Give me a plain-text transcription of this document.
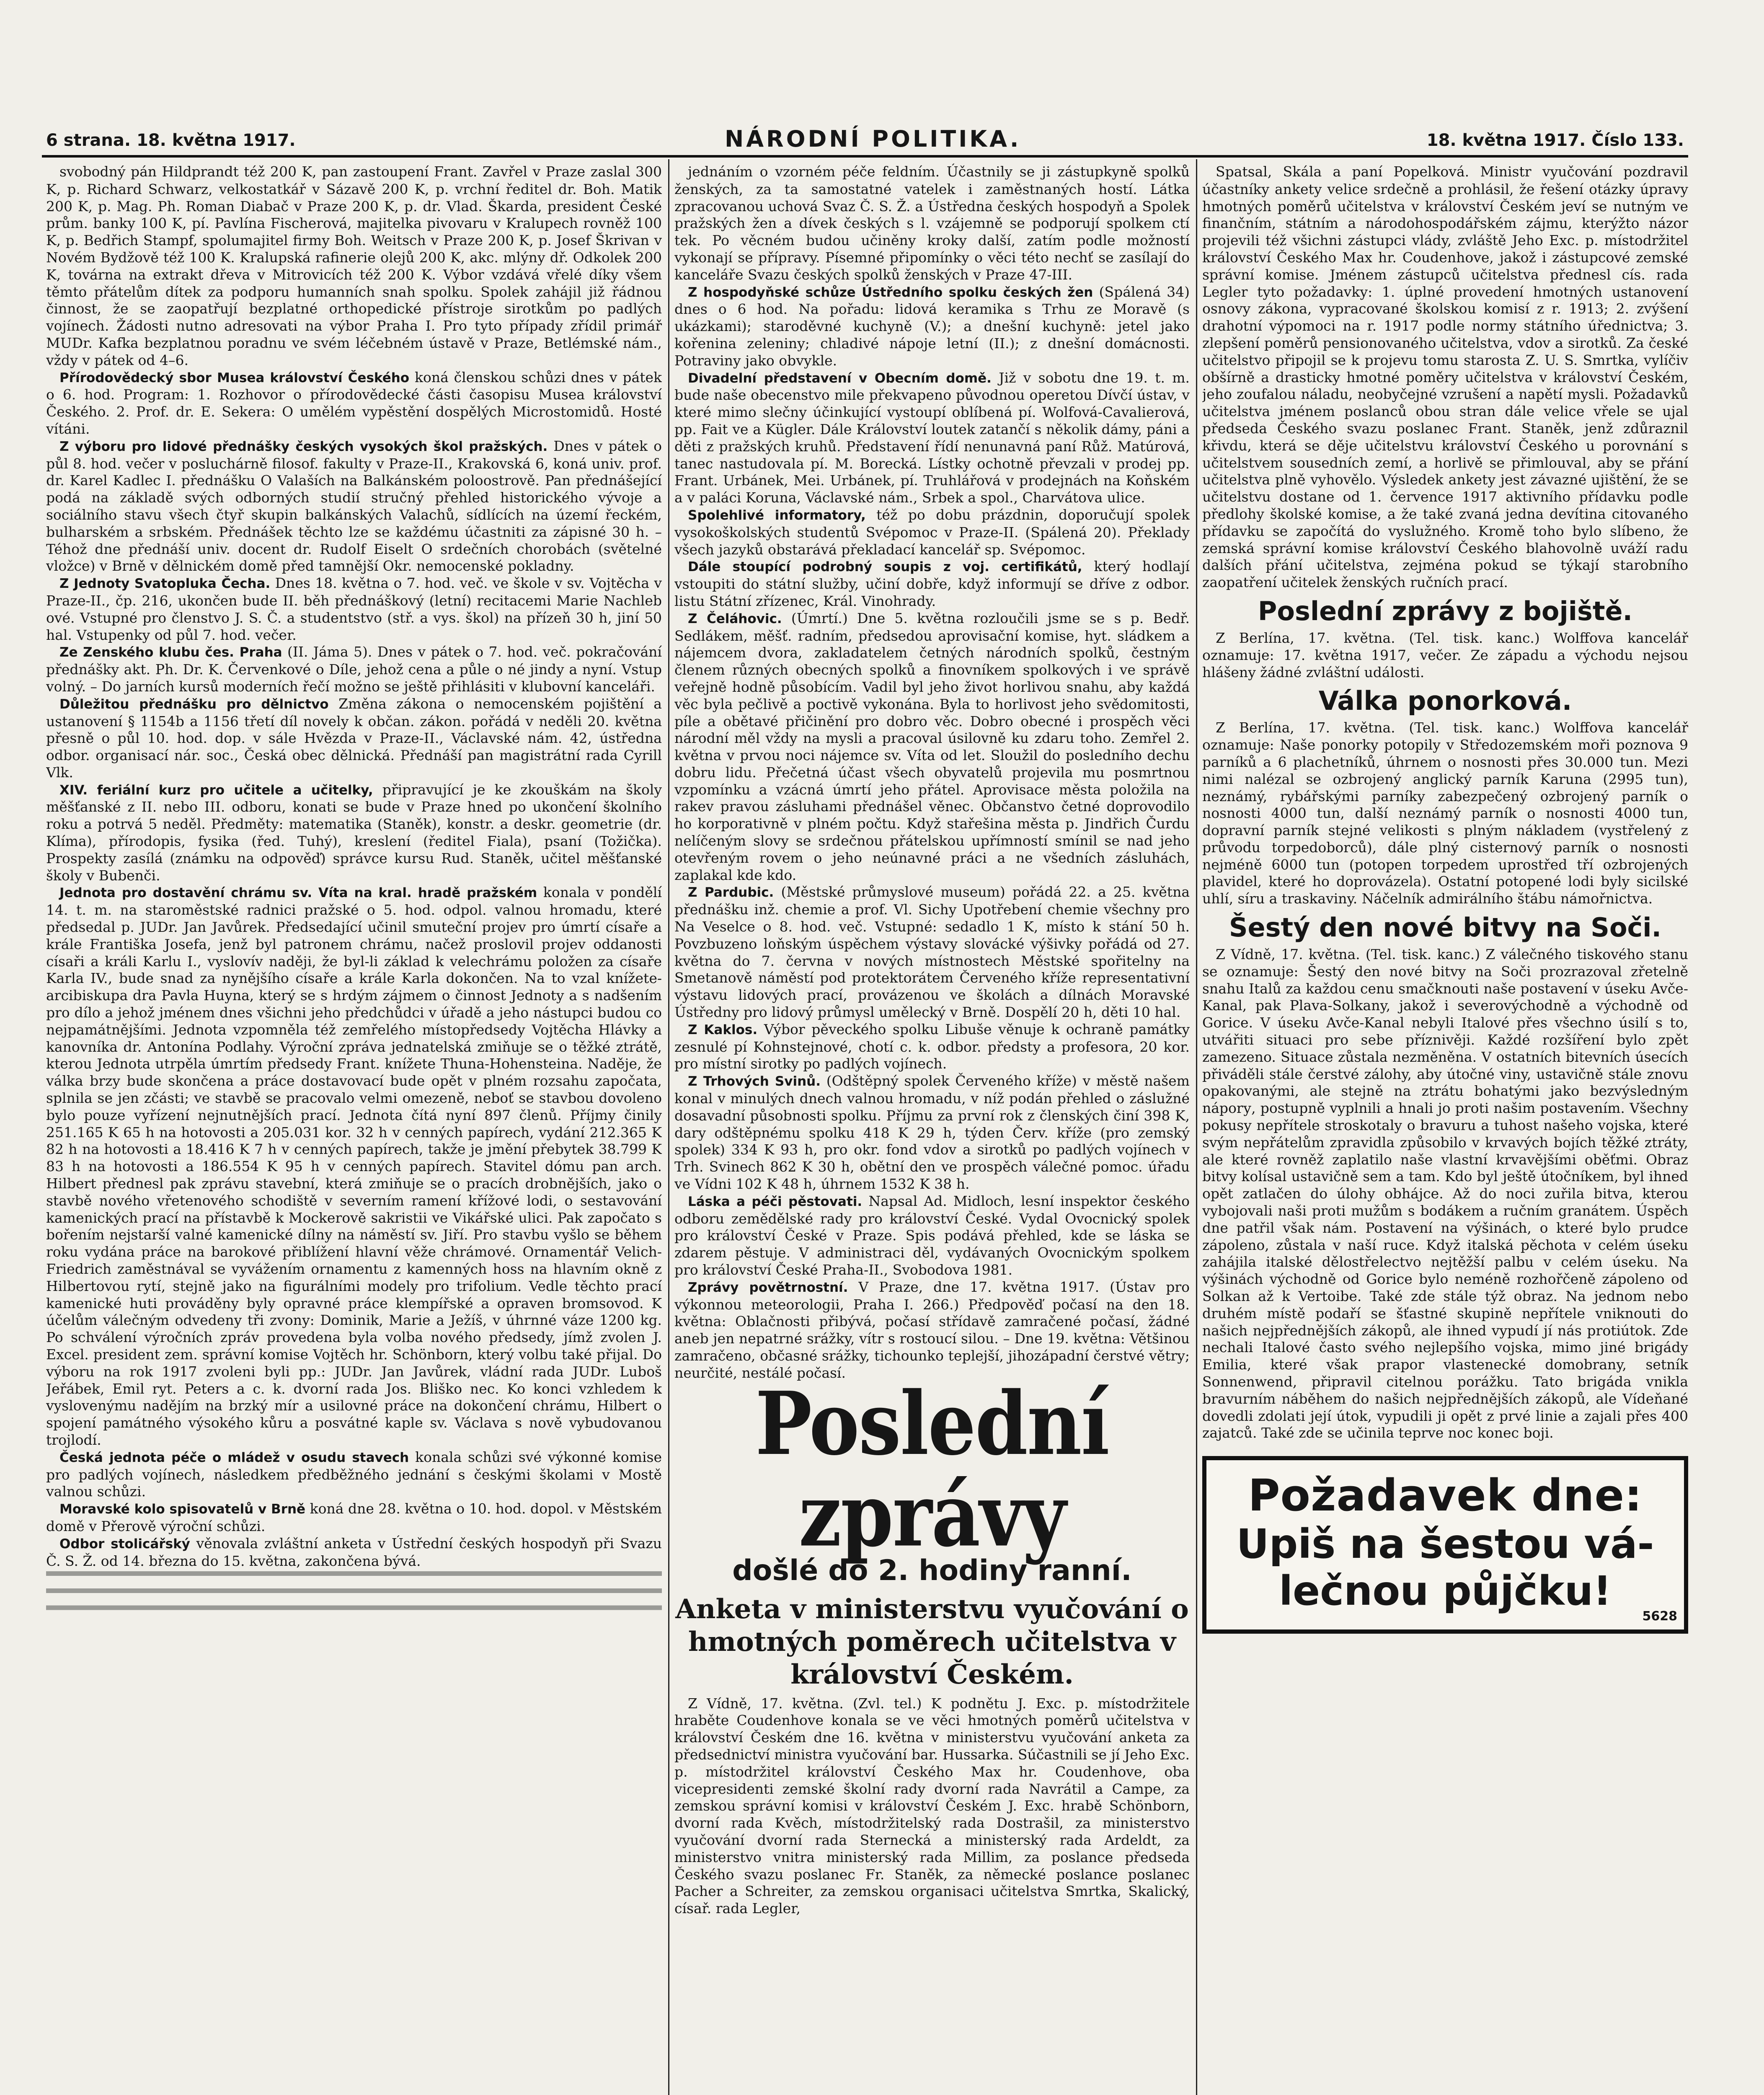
6 strana. 18. května 1917.	NÁRODNÍ POLITIKA.	18. května 1917. Číslo 133.

svobodný pán Hildprandt též 200 K, pan zastoupení Frant. Zavřel v Praze zaslal 300 K, p. Richard Schwarz, velkostatkář v Sázavě 200 K, p. vrchní ředitel dr. Boh. Matik 200 K, p. Mag. Ph. Roman Diabač v Praze 200 K, p. dr. Vlad. Škarda, president České prům. banky 100 K, pí. Pavlína Fischerová, majitelka pivovaru v Kralupech rovněž 100 K, p. Bedřich Stampf, spolumajitel firmy Boh. Weitsch v Praze 200 K, p. Josef Škrivan v Novém Bydžově též 100 K. Kralupská rafinerie olejů 200 K, akc. mlýny dř. Odkolek 200 K, továrna na extrakt dřeva v Mitrovicích též 200 K. Výbor vzdává vřelé díky všem těmto přátelům dítek za podporu humanních snah spolku. Spolek zahájil již řádnou činnost, že se zaopatřují bezplatné orthopedické přístroje sirotkům po padlých vojínech. Žádosti nutno adresovati na výbor Praha I. Pro tyto případy zřídil primář MUDr. Kafka bezplatnou poradnu ve svém léčebném ústavě v Praze, Betlémské nám., vždy v pátek od 4–6.

Přírodovědecký sbor Musea království Českého koná členskou schůzi dnes v pátek o 6. hod. Program: 1. Rozhovor o přírodovědecké části časopisu Musea království Českého. 2. Prof. dr. E. Sekera: O umělém vypěstění dospělých Microstomidů. Hosté vítáni.

Z výboru pro lidové přednášky českých vysokých škol pražských. Dnes v pátek o půl 8. hod. večer v posluchárně filosof. fakulty v Praze-II., Krakovská 6, koná univ. prof. dr. Karel Kadlec I. přednášku O Valaších na Balkánském poloostrově. Pan přednášející podá na základě svých odborných studií stručný přehled historického vývoje a sociálního stavu všech čtyř skupin balkánských Valachů, sídlících na území řeckém, bulharském a srbském. Přednášek těchto lze se každému účastniti za zápisné 30 h. – Téhož dne přednáší univ. docent dr. Rudolf Eiselt O srdečních chorobách (světelné vložce) v Brně v dělnickém domě před tamnější Okr. nemocenské pokladny.

Z Jednoty Svatopluka Čecha. Dnes 18. května o 7. hod. več. ve škole v sv. Vojtěcha v Praze-II., čp. 216, ukončen bude II. běh přednáškový (letní) recitacemi Marie Nachleb ové. Vstupné pro členstvo J. S. Č. a studentstvo (stř. a vys. škol) na přízeň 30 h, jiní 50 hal. Vstupenky od půl 7. hod. večer.

Ze Zenského klubu čes. Praha (II. Jáma 5). Dnes v pátek o 7. hod. več. pokračování přednášky akt. Ph. Dr. K. Červenkové o Díle, jehož cena a půle o né jindy a nyní. Vstup volný. – Do jarních kursů moderních řečí možno se ještě přihlásiti v klubovní kanceláři.

Důležitou přednášku pro dělnictvo Změna zákona o nemocenském pojištění a ustanovení § 1154b a 1156 třetí díl novely k občan. zákon. pořádá v neděli 20. května přesně o půl 10. hod. dop. v sále Hvězda v Praze-II., Václavské nám. 42, ústředna odbor. organisací nár. soc., Česká obec dělnická. Přednáší pan magistrátní rada Cyrill Vlk.

XIV. feriální kurz pro učitele a učitelky, připravující je ke zkouškám na školy měšťanské z II. nebo III. odboru, konati se bude v Praze hned po ukončení školního roku a potrvá 5 neděl. Předměty: matematika (Staněk), konstr. a deskr. geometrie (dr. Klíma), přírodopis, fysika (řed. Tuhý), kreslení (ředitel Fiala), psaní (Tožička). Prospekty zasílá (známku na odpověď) správce kursu Rud. Staněk, učitel měšťanské školy v Bubenči.

Jednota pro dostavění chrámu sv. Víta na kral. hradě pražském konala v pondělí 14. t. m. na staroměstské radnici pražské o 5. hod. odpol. valnou hromadu, které předsedal p. JUDr. Jan Javůrek. Předsedající učinil smuteční projev pro úmrtí císaře a krále Františka Josefa, jenž byl patronem chrámu, načež proslovil projev oddanosti císaři a králi Karlu I., vyslovív naději, že byl-li základ k velechrámu položen za císaře Karla IV., bude snad za nynějšího císaře a krále Karla dokončen. Na to vzal knížete-arcibiskupa dra Pavla Huyna, který se s hrdým zájmem o činnost Jednoty a s nadšením pro dílo a jehož jménem dnes všichni jeho předchůdci v úřadě a jeho nástupci budou co nejpamátnějšími. Jednota vzpomněla též zemřelého místopředsedy Vojtěcha Hlávky a kanovníka dr. Antonína Podlahy. Výroční zpráva jednatelská zmiňuje se o těžké ztrátě, kterou Jednota utrpěla úmrtím předsedy Frant. knížete Thuna-Hohensteina. Naděje, že válka brzy bude skončena a práce dostavovací bude opět v plném rozsahu započata, splnila se jen zčásti; ve stavbě se pracovalo velmi omezeně, neboť se stavbou dovoleno bylo pouze vyřízení nejnutnějších prací. Jednota čítá nyní 897 členů. Příjmy činily 251.165 K 65 h na hotovosti a 205.031 kor. 32 h v cenných papírech, vydání 212.365 K 82 h na hotovosti a 18.416 K 7 h v cenných papírech, takže je jmění přebytek 38.799 K 83 h na hotovosti a 186.554 K 95 h v cenných papírech. Stavitel dómu pan arch. Hilbert přednesl pak zprávu stavební, která zmiňuje se o pracích drobnějších, jako o stavbě nového vřetenového schodiště v severním ramení křížové lodi, o sestavování kamenických prací na přístavbě k Mockerově sakristii ve Vikářské ulici. Pak započato s bořením nejstarší valné kamenické dílny na náměstí sv. Jiří. Pro stavbu vyšlo se během roku vydána práce na barokové přiblížení hlavní věže chrámové. Ornamentář Velich-Friedrich zaměstnával se vyvážením ornamentu z kamenných hoss na hlavním okně z Hilbertovou rytí, stejně jako na figurálními modely pro trifolium. Vedle těchto prací kamenické huti prováděny byly opravné práce klempířské a opraven bromsovod. K účelům válečným odvedeny tři zvony: Dominik, Marie a Ježíš, v úhrnné váze 1200 kg. Po schválení výročních zpráv provedena byla volba nového předsedy, jímž zvolen J. Excel. president zem. správní komise Vojtěch hr. Schönborn, který volbu také přijal. Do výboru na rok 1917 zvoleni byli pp.: JUDr. Jan Javůrek, vládní rada JUDr. Luboš Jeřábek, Emil ryt. Peters a c. k. dvorní rada Jos. Bliško nec. Ko konci vzhledem k vyslovenýmu nadějím na brzký mír a usilovné práce na dokončení chrámu, Hilbert o spojení památného výsokého kůru a posvátné kaple sv. Václava s nově vybudovanou trojlodí.

Česká jednota péče o mládež v osudu stavech konala schůzi své výkonné komise pro padlých vojínech, následkem předběžného jednání s českými školami v Mostě valnou schůzi.

Moravské kolo spisovatelů v Brně koná dne 28. května o 10. hod. dopol. v Městském domě v Přerově výroční schůzi.

Odbor stolicářský věnovala zvláštní anketa v Ústřední českých hospodyň při Svazu Č. S. Ž. od 14. března do 15. května, zakončena bývá.

jednáním o vzorném péče feldním. Účastnily se ji zástupkyně spolků ženských, za ta samostatné vatelek i zaměstnaných hostí. Látka zpracovanou uchová Svaz Č. S. Ž. a Ústředna českých hospodyň a Spolek pražských žen a dívek českých s l. vzájemně se podporují spolkem ctí tek. Po věcném budou učiněny kroky další, zatím podle možností vykonají se přípravy. Písemné připomínky o věci této nechť se zasílají do kanceláře Svazu českých spolků ženských v Praze 47-III.

Z hospodyňské schůze Ústředního spolku českých žen (Spálená 34) dnes o 6 hod. Na pořadu: lidová keramika s Trhu ze Moravě (s ukázkami); staroděvné kuchyně (V.); a dnešní kuchyně: jetel jako kořenina zeleniny; chladivé nápoje letní (II.); z dnešní domácnosti. Potraviny jako obvykle.

Divadelní představení v Obecním domě. Již v sobotu dne 19. t. m. bude naše obecenstvo mile překvapeno původnou operetou Dívčí ústav, v které mimo slečny účinkující vystoupí oblíbená pí. Wolfová-Cavalierová, pp. Fait ve a Kügler. Dále Království loutek zatančí s několik dámy, páni a děti z pražských kruhů. Představení řídí nenunavná paní Růž. Matúrová, tanec nastudovala pí. M. Borecká. Lístky ochotně převzali v prodej pp. Frant. Urbánek, Mei. Urbánek, pí. Truhlářová v prodejnách na Koňském a v paláci Koruna, Václavské nám., Srbek a spol., Charvátova ulice.

Spolehlivé informatory, též po dobu prázdnin, doporučují spolek vysokoškolských studentů Svépomoc v Praze-II. (Spálená 20). Překlady všech jazyků obstarává překladací kancelář sp. Svépomoc.

Dále stoupící podrobný soupis z voj. certifikátů, který hodlají vstoupiti do státní služby, učiní dobře, když informují se dříve z odbor. listu Státní zřízenec, Král. Vinohrady.

Z Čeláhovic. (Úmrtí.) Dne 5. května rozloučili jsme se s p. Bedř. Sedlákem, měšť. radním, předsedou aprovisační komise, hyt. sládkem a nájemcem dvora, zakladatelem četných národních spolků, čestným členem různých obecných spolků a finovníkem spolkových i ve správě veřejně hodně působícím. Vadil byl jeho život horlivou snahu, aby každá věc byla pečlivě a poctivě vykonána. Byla to horlivost jeho svědomitosti, píle a obětavé přičinění pro dobro věc. Dobro obecné i prospěch věci národní měl vždy na mysli a pracoval úsilovně ku zdaru toho. Zemřel 2. května v prvou noci nájemce sv. Víta od let. Sloužil do posledního dechu dobru lidu. Přečetná účast všech obyvatelů projevila mu posmrtnou vzpomínku a vzácná úmrtí jeho přátel. Aprovisace města položila na rakev pravou zásluhami přednášel věnec. Občanstvo četné doprovodilo ho korporativně v plném počtu. Když stařešina města p. Jindřich Čurdu nelíčeným slovy se srdečnou přátelskou upřímností smínil se nad jeho otevřeným rovem o jeho neúnavné práci a ne všedních zásluhách, zaplakal kde kdo.

Z Pardubic. (Městské průmyslové museum) pořádá 22. a 25. května přednášku inž. chemie a prof. Vl. Sichy Upotřebení chemie všechny pro Na Veselce o 8. hod. več. Vstupné: sedadlo 1 K, místo k stání 50 h. Povzbuzeno loňským úspěchem výstavy slovácké výšivky pořádá od 27. května do 7. června v nových místnostech Městské spořitelny na Smetanově náměstí pod protektorátem Červeného kříže representativní výstavu lidových prací, provázenou ve školách a dílnách Moravské Ústředny pro lidový průmysl umělecký v Brně. Dospělí 20 h, děti 10 hal.

Z Kaklos. Výbor pěveckého spolku Libuše věnuje k ochraně památky zesnulé pí Kohnstejnové, chotí c. k. odbor. předsty a profesora, 20 kor. pro místní sirotky po padlých vojínech.

Z Trhových Svinů. (Odštěpný spolek Červeného kříže) v městě našem konal v minulých dnech valnou hromadu, v níž podán přehled o záslužné dosavadní působnosti spolku. Příjmu za první rok z členských činí 398 K, dary odštěpnému spolku 418 K 29 h, týden Červ. kříže (pro zemský spolek) 334 K 93 h, pro okr. fond vdov a sirotků po padlých vojínech v Trh. Svinech 862 K 30 h, obětní den ve prospěch válečné pomoc. úřadu ve Vídni 102 K 48 h, úhrnem 1532 K 38 h.

Láska a péči pěstovati. Napsal Ad. Midloch, lesní inspektor českého odboru zemědělské rady pro království České. Vydal Ovocnický spolek pro království České v Praze. Spis podává přehled, kde se láska se zdarem pěstuje. V administraci děl, vydávaných Ovocnickým spolkem pro království České Praha-II., Svobodova 1981.

Zprávy povětrnostní. V Praze, dne 17. května 1917. (Ústav pro výkonnou meteorologii, Praha I. 266.) Předpověď počasí na den 18. května: Oblačnosti přibývá, počasí střídavě zamračené počasí, žádné aneb jen nepatrné srážky, vítr s rostoucí silou. – Dne 19. května: Většinou zamračeno, občasné srážky, tichounko teplejší, jihozápadní čerstvé větry; neurčité, nestálé počasí.

Poslední zprávy
došlé do 2. hodiny ranní.
Anketa v ministerstvu vyučování o hmotných poměrech učitelstva v království Českém.

Z Vídně, 17. května. (Zvl. tel.) K podnětu J. Exc. p. místodržitele hraběte Coudenhove konala se ve věci hmotných poměrů učitelstva v království Českém dne 16. května v ministerstvu vyučování anketa za předsednictví ministra vyučování bar. Hussarka. Súčastnili se jí Jeho Exc. p. místodržitel království Českého Max hr. Coudenhove, oba vicepresidenti zemské školní rady dvorní rada Navrátil a Campe, za zemskou správní komisi v království Českém J. Exc. hrabě Schönborn, dvorní rada Kvěch, místodržitelský rada Dostrašil, za ministerstvo vyučování dvorní rada Sternecká a ministerský rada Ardeldt, za ministerstvo vnitra ministerský rada Millim, za poslance předseda Českého svazu poslanec Fr. Staněk, za německé poslance poslanec Pacher a Schreiter, za zemskou organisaci učitelstva Smrtka, Skalický, císař. rada Legler,

Spatsal, Skála a paní Popelková. Ministr vyučování pozdravil účastníky ankety velice srdečně a prohlásil, že řešení otázky úpravy hmotných poměrů učitelstva v království Českém jeví se nutným ve finančním, státním a národohospodářském zájmu, kterýžto názor projevili též všichni zástupci vlády, zvláště Jeho Exc. p. místodržitel království Českého Max hr. Coudenhove, jakož i zástupcové zemské správní komise. Jménem zástupců učitelstva přednesl cís. rada Legler tyto požadavky: 1. úplné provedení hmotných ustanovení osnovy zákona, vypracované školskou komisí z r. 1913; 2. zvýšení drahotní výpomoci na r. 1917 podle normy státního úřednictva; 3. zlepšení poměrů pensionovaného učitelstva, vdov a sirotků. Za české učitelstvo připojil se k projevu tomu starosta Z. U. S. Smrtka, vylíčiv obšírně a drasticky hmotné poměry učitelstva v království Českém, jeho zoufalou náladu, neobyčejné vzrušení a napětí mysli. Požadavků učitelstva jménem poslanců obou stran dále velice vřele se ujal předseda Českého svazu poslanec Frant. Staněk, jenž zdůraznil křivdu, která se děje učitelstvu království Českého u porovnání s učitelstvem sousedních zemí, a horlivě se přimlouval, aby se přání učitelstva plně vyhovělo. Výsledek ankety jest závazné ujištění, že se učitelstvu dostane od 1. července 1917 aktivního přídavku podle předlohy školské komise, a že také zvaná jedna devítina citovaného přídavku se započítá do vyslužného. Kromě toho bylo slíbeno, že zemská správní komise království Českého blahovolně uváží radu dalších přání učitelstva, zejména pokud se týkají starobního zaopatření učitelek ženských ručních prací.

Poslední zprávy z bojiště.

Z Berlína, 17. května. (Tel. tisk. kanc.) Wolffova kancelář oznamuje: 17. května 1917, večer. Ze západu a východu nejsou hlášeny žádné zvláštní události.

Válka ponorková.

Z Berlína, 17. května. (Tel. tisk. kanc.) Wolffova kancelář oznamuje: Naše ponorky potopily v Středozemském moři poznova 9 parníků a 6 plachetníků, úhrnem o nosnosti přes 30.000 tun. Mezi nimi nalézal se ozbrojený anglický parník Karuna (2995 tun), neznámý, rybářskými parníky zabezpečený ozbrojený parník o nosnosti 4000 tun, další neznámý parník o nosnosti 4000 tun, dopravní parník stejné velikosti s plným nákladem (vystřelený z průvodu torpedoborců), dále plný cisternový parník o nosnosti nejméně 6000 tun (potopen torpedem uprostřed tří ozbrojených plavidel, které ho doprovázela). Ostatní potopené lodi byly sicilské uhlí, síru a traskaviny. Náčelník admirálního štábu námořnictva.

Šestý den nové bitvy na Soči.

Z Vídně, 17. května. (Tel. tisk. kanc.) Z válečného tiskového stanu se oznamuje: Šestý den nové bitvy na Soči prozrazoval zřetelně snahu Italů za každou cenu smačknouti naše postavení v úseku Avče-Kanal, pak Plava-Solkany, jakož i severovýchodně a východně od Gorice. V úseku Avče-Kanal nebyli Italové přes všechno úsilí s to, utvářiti situaci pro sebe příznivěji. Každé rozšíření bylo zpět zamezeno. Situace zůstala nezměněna. V ostatních bitevních úsecích přiváděli stále čerstvé zálohy, aby útočné viny, ustavičně stále znovu opakovanými, ale stejně na ztrátu bohatými jako bezvýsledným náporу, postupně vyplnili a hnali jo proti našim postavením. Všechny pokusy nepřítele stroskotaly o bravuru a tuhost našeho vojska, které svým nepřátelům zpravidla způsobilo v krvavých bojích těžké ztráty, ale které rovněž zaplatilo naše vlastní krvavějšími oběťmi. Obraz bitvy kolísal ustavičně sem a tam. Kdo byl ještě útočníkem, byl ihned opět zatlačen do úlohy obhájce. Až do noci zuřila bitva, kterou vybojovali naši proti mužům s bodákem a ručním granátem. Úspěch dne patřil však nám. Postavení na výšinách, o které bylo prudce zápoleno, zůstala v naší ruce. Když italská pěchota v celém úseku zahájila italské dělostřelectvo nejtěžší palbu v celém úseku. Na výšinách východně od Gorice bylo neméně rozhořčeně zápoleno od Solkan až k Vertoibe. Také zde stále týž obraz. Na jednom nebo druhém místě podaří se šťastné skupině nepřítele vniknouti do našich nejpřednějších zákopů, ale ihned vypudí jí nás protiútok. Zde nechali Italové často svého nejlepšího vojska, mimo jiné brigády Emilia, které však prapor vlastenecké domobrany, setník Sonnenwend, připravil citelnou porážku. Tato brigáda vnikla bravurním náběhem do našich nejpřednějších zákopů, ale Vídeňané dovedli zdolati její útok, vypudili ji opět z prvé linie a zajali přes 400 zajatců. Také zde se učinila teprve noc konec boji.

Požadavek dne:
Upiš na šestou vá-
lečnou půjčku!
5628
